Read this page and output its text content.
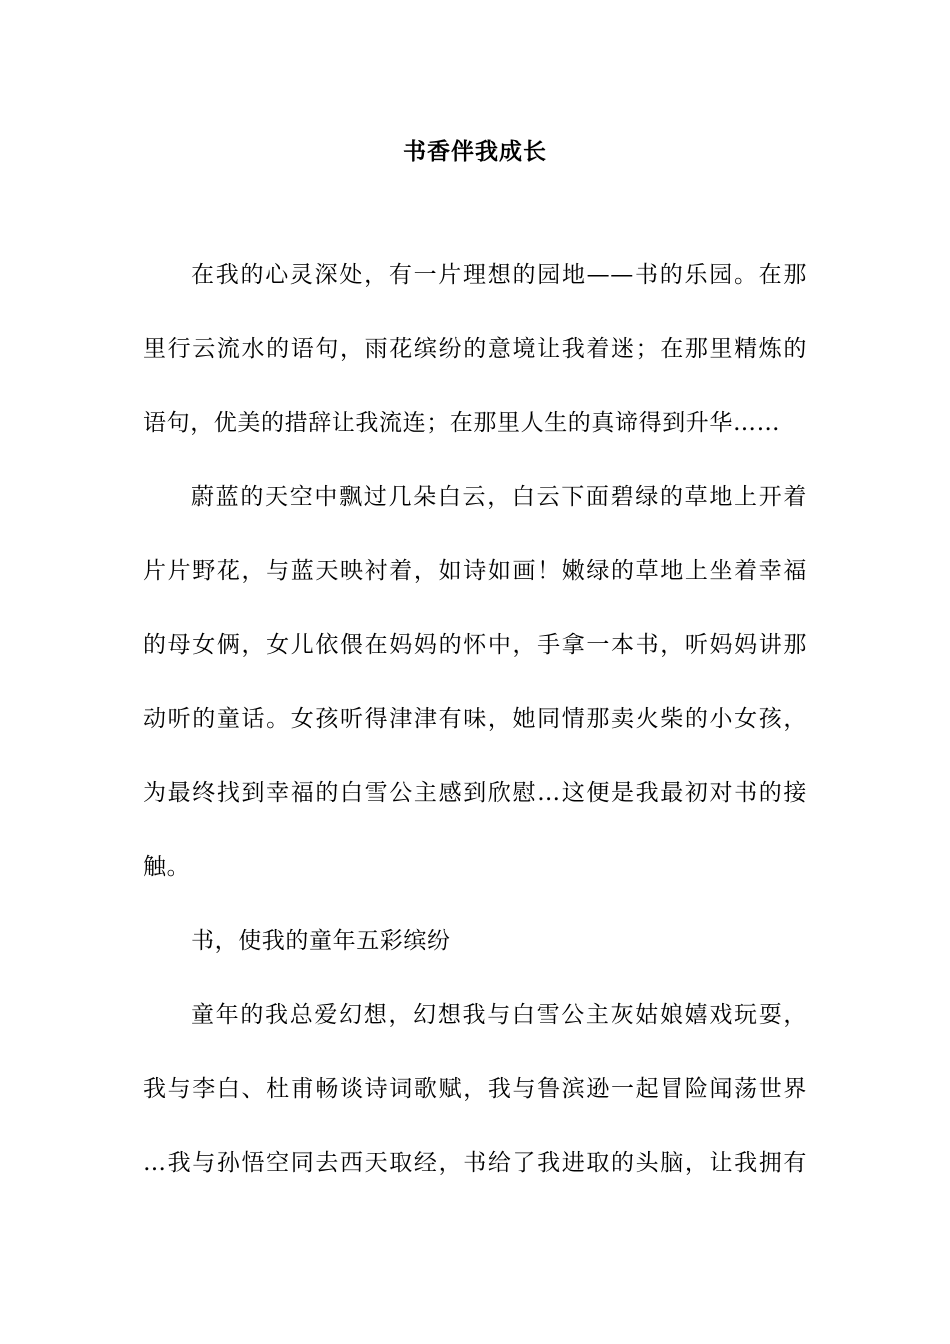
书香伴我成长
在我的心灵深处，有一片理想的园地——书的乐园。在那
里行云流水的语句，雨花缤纷的意境让我着迷；在那里精炼的
语句，优美的措辞让我流连；在那里人生的真谛得到升华……
蔚蓝的天空中飘过几朵白云，白云下面碧绿的草地上开着
片片野花，与蓝天映衬着，如诗如画！嫩绿的草地上坐着幸福
的母女俩，女儿依偎在妈妈的怀中，手拿一本书，听妈妈讲那
动听的童话。女孩听得津津有味，她同情那卖火柴的小女孩，
为最终找到幸福的白雪公主感到欣慰…这便是我最初对书的接
触。
书，使我的童年五彩缤纷
童年的我总爱幻想，幻想我与白雪公主灰姑娘嬉戏玩耍，
我与李白、杜甫畅谈诗词歌赋，我与鲁滨逊一起冒险闻荡世界
…我与孙悟空同去西天取经，书给了我进取的头脑，让我拥有
